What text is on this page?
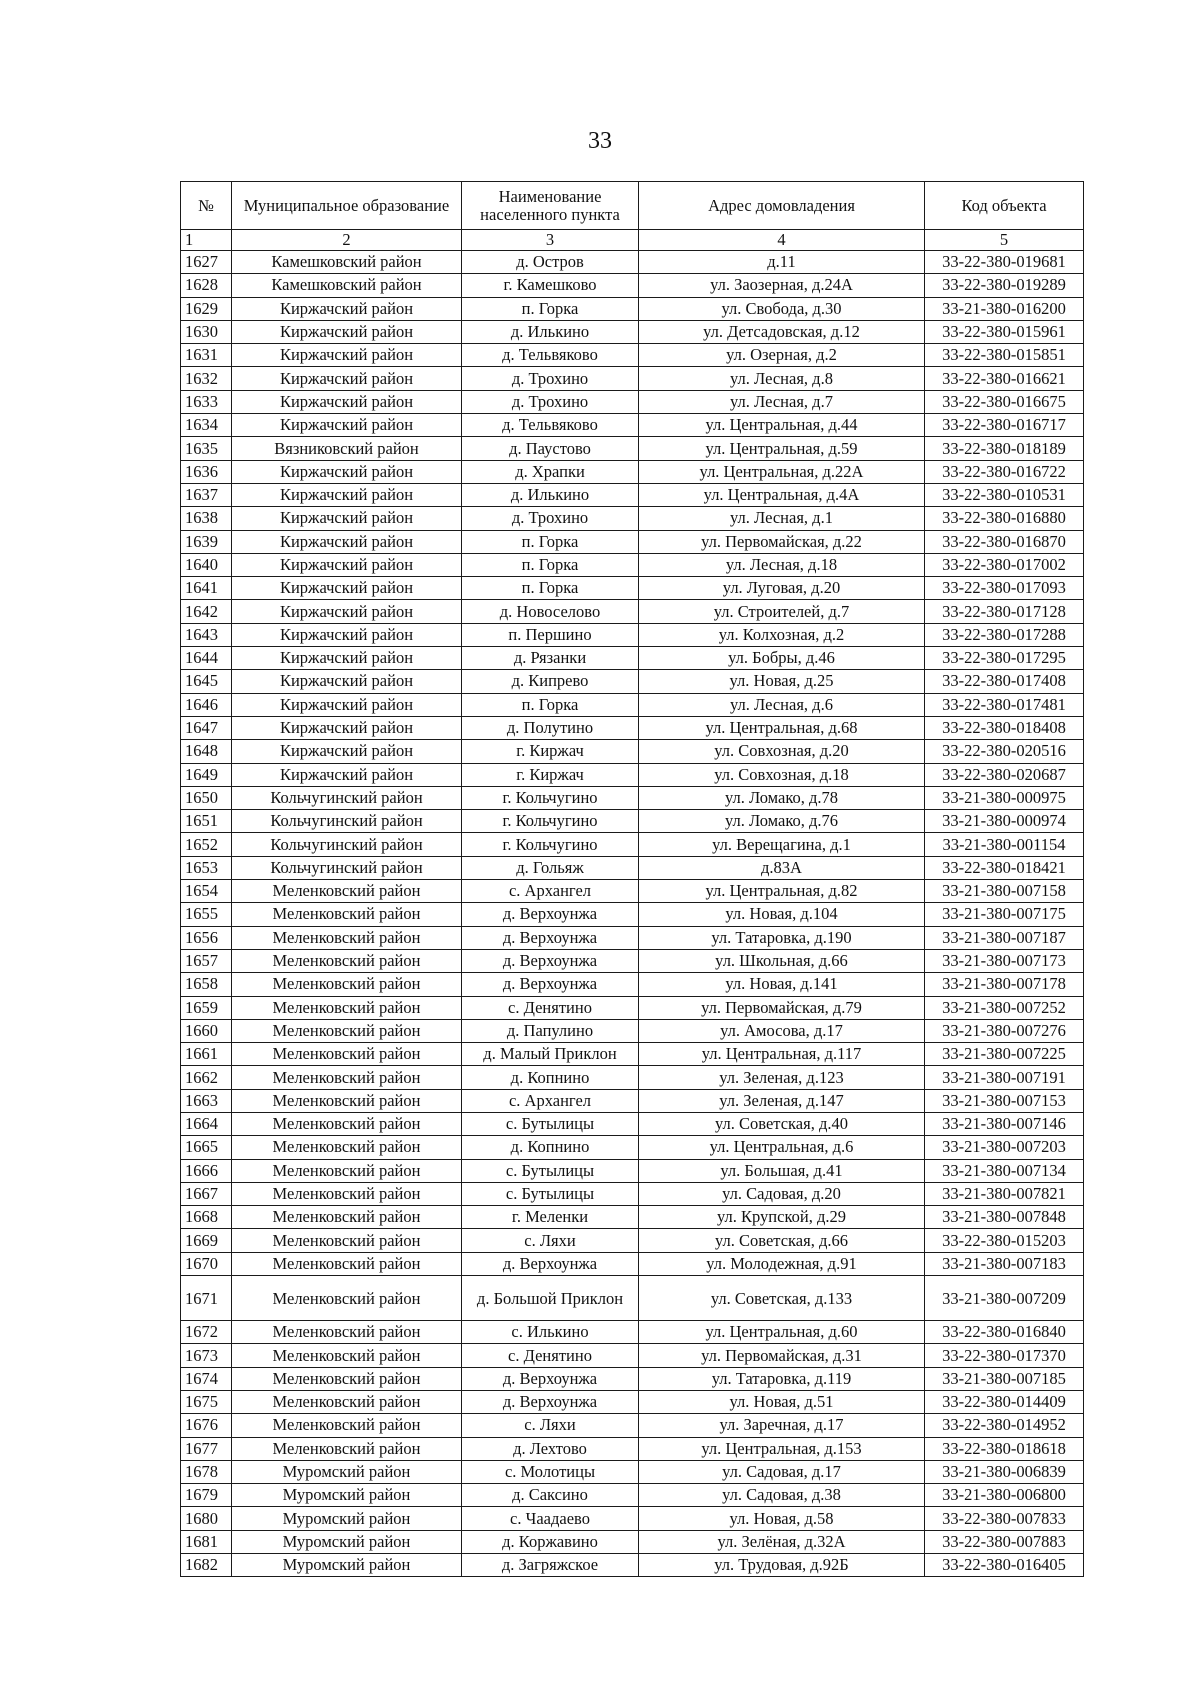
33
№	Муниципальное образование	Наименование населенного пункта	Адрес домовладения	Код объекта
1	2	3	4	5
1627	Камешковский район	д. Остров	д.11	33-22-380-019681
1628	Камешковский район	г. Камешково	ул. Заозерная, д.24А	33-22-380-019289
1629	Киржачский район	п. Горка	ул. Свобода, д.30	33-21-380-016200
1630	Киржачский район	д. Илькино	ул. Детсадовская, д.12	33-22-380-015961
1631	Киржачский район	д. Тельвяково	ул. Озерная, д.2	33-22-380-015851
1632	Киржачский район	д. Трохино	ул. Лесная, д.8	33-22-380-016621
1633	Киржачский район	д. Трохино	ул. Лесная, д.7	33-22-380-016675
1634	Киржачский район	д. Тельвяково	ул. Центральная, д.44	33-22-380-016717
1635	Вязниковский район	д. Паустово	ул. Центральная, д.59	33-22-380-018189
1636	Киржачский район	д. Храпки	ул. Центральная, д.22А	33-22-380-016722
1637	Киржачский район	д. Илькино	ул. Центральная, д.4А	33-22-380-010531
1638	Киржачский район	д. Трохино	ул. Лесная, д.1	33-22-380-016880
1639	Киржачский район	п. Горка	ул. Первомайская, д.22	33-22-380-016870
1640	Киржачский район	п. Горка	ул. Лесная, д.18	33-22-380-017002
1641	Киржачский район	п. Горка	ул. Луговая, д.20	33-22-380-017093
1642	Киржачский район	д. Новоселово	ул. Строителей, д.7	33-22-380-017128
1643	Киржачский район	п. Першино	ул. Колхозная, д.2	33-22-380-017288
1644	Киржачский район	д. Рязанки	ул. Бобры, д.46	33-22-380-017295
1645	Киржачский район	д. Кипрево	ул. Новая, д.25	33-22-380-017408
1646	Киржачский район	п. Горка	ул. Лесная, д.6	33-22-380-017481
1647	Киржачский район	д. Полутино	ул. Центральная, д.68	33-22-380-018408
1648	Киржачский район	г. Киржач	ул. Совхозная, д.20	33-22-380-020516
1649	Киржачский район	г. Киржач	ул. Совхозная, д.18	33-22-380-020687
1650	Кольчугинский район	г. Кольчугино	ул. Ломако, д.78	33-21-380-000975
1651	Кольчугинский район	г. Кольчугино	ул. Ломако, д.76	33-21-380-000974
1652	Кольчугинский район	г. Кольчугино	ул. Верещагина, д.1	33-21-380-001154
1653	Кольчугинский район	д. Гольяж	д.83А	33-22-380-018421
1654	Меленковский район	с. Архангел	ул. Центральная, д.82	33-21-380-007158
1655	Меленковский район	д. Верхоунжа	ул. Новая, д.104	33-21-380-007175
1656	Меленковский район	д. Верхоунжа	ул. Татаровка, д.190	33-21-380-007187
1657	Меленковский район	д. Верхоунжа	ул. Школьная, д.66	33-21-380-007173
1658	Меленковский район	д. Верхоунжа	ул. Новая, д.141	33-21-380-007178
1659	Меленковский район	с. Денятино	ул. Первомайская, д.79	33-21-380-007252
1660	Меленковский район	д. Папулино	ул. Амосова, д.17	33-21-380-007276
1661	Меленковский район	д. Малый Приклон	ул. Центральная, д.117	33-21-380-007225
1662	Меленковский район	д. Копнино	ул. Зеленая, д.123	33-21-380-007191
1663	Меленковский район	с. Архангел	ул. Зеленая, д.147	33-21-380-007153
1664	Меленковский район	с. Бутылицы	ул. Советская, д.40	33-21-380-007146
1665	Меленковский район	д. Копнино	ул. Центральная, д.6	33-21-380-007203
1666	Меленковский район	с. Бутылицы	ул. Большая, д.41	33-21-380-007134
1667	Меленковский район	с. Бутылицы	ул. Садовая, д.20	33-21-380-007821
1668	Меленковский район	г. Меленки	ул. Крупской, д.29	33-21-380-007848
1669	Меленковский район	с. Ляхи	ул. Советская, д.66	33-22-380-015203
1670	Меленковский район	д. Верхоунжа	ул. Молодежная, д.91	33-21-380-007183
1671	Меленковский район	д. Большой Приклон	ул. Советская, д.133	33-21-380-007209
1672	Меленковский район	с. Илькино	ул. Центральная, д.60	33-22-380-016840
1673	Меленковский район	с. Денятино	ул. Первомайская, д.31	33-22-380-017370
1674	Меленковский район	д. Верхоунжа	ул. Татаровка, д.119	33-21-380-007185
1675	Меленковский район	д. Верхоунжа	ул. Новая, д.51	33-22-380-014409
1676	Меленковский район	с. Ляхи	ул. Заречная, д.17	33-22-380-014952
1677	Меленковский район	д. Лехтово	ул. Центральная, д.153	33-22-380-018618
1678	Муромский район	с. Молотицы	ул. Садовая, д.17	33-21-380-006839
1679	Муромский район	д. Саксино	ул. Садовая, д.38	33-21-380-006800
1680	Муромский район	с. Чаадаево	ул. Новая, д.58	33-22-380-007833
1681	Муромский район	д. Коржавино	ул. Зелёная, д.32А	33-22-380-007883
1682	Муромский район	д. Загряжское	ул. Трудовая, д.92Б	33-22-380-016405
